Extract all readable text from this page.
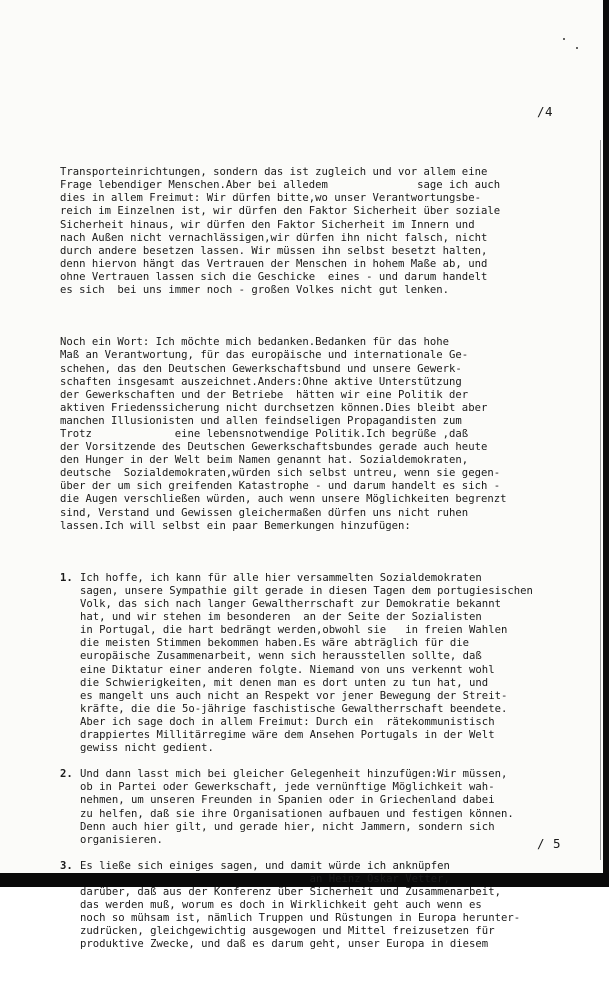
/4

Transporteinrichtungen, sondern das ist zugleich und vor allem eine
Frage lebendiger Menschen.Aber bei alledem              sage ich auch
dies in allem Freimut: Wir dürfen bitte,wo unser Verantwortungsbe-
reich im Einzelnen ist, wir dürfen den Faktor Sicherheit über soziale
Sicherheit hinaus, wir dürfen den Faktor Sicherheit im Innern und
nach Außen nicht vernachlässigen,wir dürfen ihn nicht falsch, nicht
durch andere besetzen lassen. Wir müssen ihn selbst besetzt halten,
denn hiervon hängt das Vertrauen der Menschen in hohem Maße ab, und
ohne Vertrauen lassen sich die Geschicke  eines - und darum handelt
es sich  bei uns immer noch - großen Volkes nicht gut lenken.

Noch ein Wort: Ich möchte mich bedanken.Bedanken für das hohe
Maß an Verantwortung, für das europäische und internationale Ge-
schehen, das den Deutschen Gewerkschaftsbund und unsere Gewerk-
schaften insgesamt auszeichnet.Anders:Ohne aktive Unterstützung
der Gewerkschaften und der Betriebe  hätten wir eine Politik der
aktiven Friedenssicherung nicht durchsetzen können.Dies bleibt aber
manchen Illusionisten und allen feindseligen Propagandisten zum
Trotz             eine lebensnotwendige Politik.Ich begrüße ,daß
der Vorsitzende des Deutschen Gewerkschaftsbundes gerade auch heute
den Hunger in der Welt beim Namen genannt hat. Sozialdemokraten,
deutsche  Sozialdemokraten,würden sich selbst untreu, wenn sie gegen-
über der um sich greifenden Katastrophe - und darum handelt es sich -
die Augen verschließen würden, auch wenn unsere Möglichkeiten begrenzt
sind, Verstand und Gewissen gleichermaßen dürfen uns nicht ruhen
lassen.Ich will selbst ein paar Bemerkungen hinzufügen:

1. Ich hoffe, ich kann für alle hier versammelten Sozialdemokraten
sagen, unsere Sympathie gilt gerade in diesen Tagen dem portugiesischen
Volk, das sich nach langer Gewaltherrschaft zur Demokratie bekannt
hat, und wir stehen im besonderen  an der Seite der Sozialisten
in Portugal, die hart bedrängt werden,obwohl sie   in freien Wahlen
die meisten Stimmen bekommen haben.Es wäre abträglich für die
europäische Zusammenarbeit, wenn sich herausstellen sollte, daß
eine Diktatur einer anderen folgte. Niemand von uns verkennt wohl
die Schwierigkeiten, mit denen man es dort unten zu tun hat, und
es mangelt uns auch nicht an Respekt vor jener Bewegung der Streit-
kräfte, die die 5o-jährige faschistische Gewaltherrschaft beendete.
Aber ich sage doch in allem Freimut: Durch ein  rätekommunistisch
drappiertes Millitärregime wäre dem Ansehen Portugals in der Welt
gewiss nicht gedient.
2. Und dann lasst mich bei gleicher Gelegenheit hinzufügen:Wir müssen,
ob in Partei oder Gewerkschaft, jede vernünftige Möglichkeit wah-
nehmen, um unseren Freunden in Spanien oder in Griechenland dabei
zu helfen, daß sie ihre Organisationen aufbauen und festigen können.
Denn auch hier gilt, und gerade hier, nicht Jammern, sondern sich
organisieren.
3. Es ließe sich einiges sagen, und damit würde ich anknüpfen
an Heinz Oskar Vetter,
darüber, daß aus der Konferenz über Sicherheit und Zusammenarbeit,
das werden muß, worum es doch in Wirklichkeit geht auch wenn es
noch so mühsam ist, nämlich Truppen und Rüstungen in Europa herunter-
zudrücken, gleichgewichtig ausgewogen und Mittel freizusetzen für
produktive Zwecke, und daß es darum geht, unser Europa in diesem

/ 5
